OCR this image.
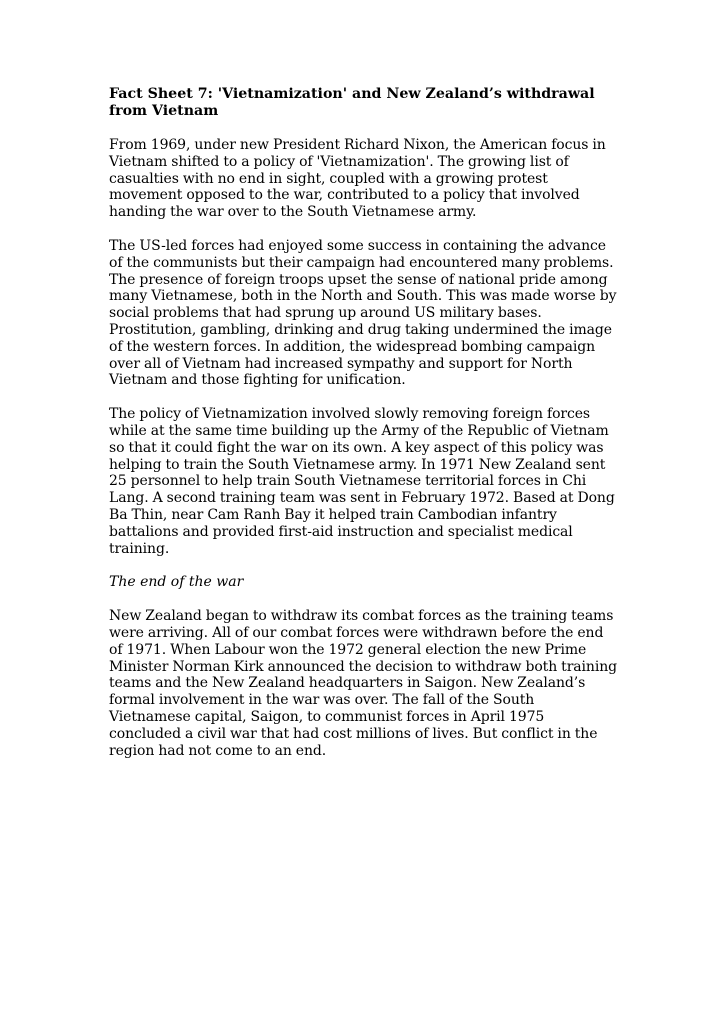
Fact Sheet 7: 'Vietnamization' and New Zealand’s withdrawal from Vietnam

From 1969, under new President Richard Nixon, the American focus in Vietnam shifted to a policy of 'Vietnamization'. The growing list of casualties with no end in sight, coupled with a growing protest movement opposed to the war, contributed to a policy that involved handing the war over to the South Vietnamese army.

The US-led forces had enjoyed some success in containing the advance of the communists but their campaign had encountered many problems. The presence of foreign troops upset the sense of national pride among many Vietnamese, both in the North and South. This was made worse by social problems that had sprung up around US military bases. Prostitution, gambling, drinking and drug taking undermined the image of the western forces. In addition, the widespread bombing campaign over all of Vietnam had increased sympathy and support for North Vietnam and those fighting for unification.

The policy of Vietnamization involved slowly removing foreign forces while at the same time building up the Army of the Republic of Vietnam so that it could fight the war on its own. A key aspect of this policy was helping to train the South Vietnamese army. In 1971 New Zealand sent 25 personnel to help train South Vietnamese territorial forces in Chi Lang. A second training team was sent in February 1972. Based at Dong Ba Thin, near Cam Ranh Bay it helped train Cambodian infantry battalions and provided first-aid instruction and specialist medical training.

The end of the war

New Zealand began to withdraw its combat forces as the training teams were arriving. All of our combat forces were withdrawn before the end of 1971. When Labour won the 1972 general election the new Prime Minister Norman Kirk announced the decision to withdraw both training teams and the New Zealand headquarters in Saigon. New Zealand’s formal involvement in the war was over. The fall of the South Vietnamese capital, Saigon, to communist forces in April 1975 concluded a civil war that had cost millions of lives. But conflict in the region had not come to an end.
